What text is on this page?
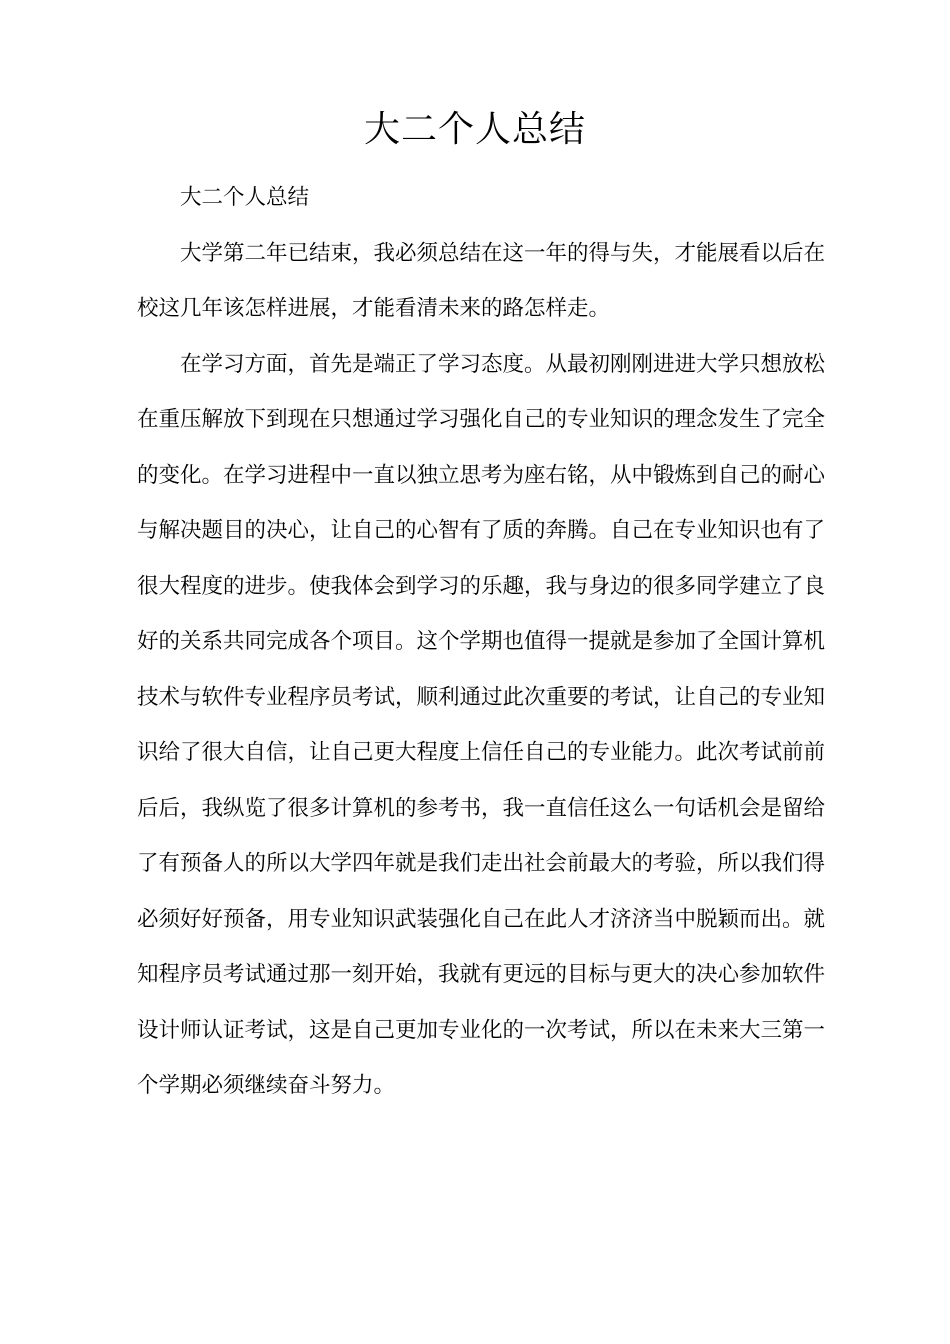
大二个人总结

大二个人总结

大学第二年已结束，我必须总结在这一年的得与失，才能展看以后在校这几年该怎样进展，才能看清未来的路怎样走。

在学习方面，首先是端正了学习态度。从最初刚刚进进大学只想放松在重压解放下到现在只想通过学习强化自己的专业知识的理念发生了完全的变化。在学习进程中一直以独立思考为座右铭，从中锻炼到自己的耐心与解决题目的决心，让自己的心智有了质的奔腾。自己在专业知识也有了很大程度的进步。使我体会到学习的乐趣，我与身边的很多同学建立了良好的关系共同完成各个项目。这个学期也值得一提就是参加了全国计算机技术与软件专业程序员考试，顺利通过此次重要的考试，让自己的专业知识给了很大自信，让自己更大程度上信任自己的专业能力。此次考试前前后后，我纵览了很多计算机的参考书，我一直信任这么一句话机会是留给了有预备人的所以大学四年就是我们走出社会前最大的考验，所以我们得必须好好预备，用专业知识武装强化自己在此人才济济当中脱颖而出。就知程序员考试通过那一刻开始，我就有更远的目标与更大的决心参加软件设计师认证考试，这是自己更加专业化的一次考试，所以在未来大三第一个学期必须继续奋斗努力。
